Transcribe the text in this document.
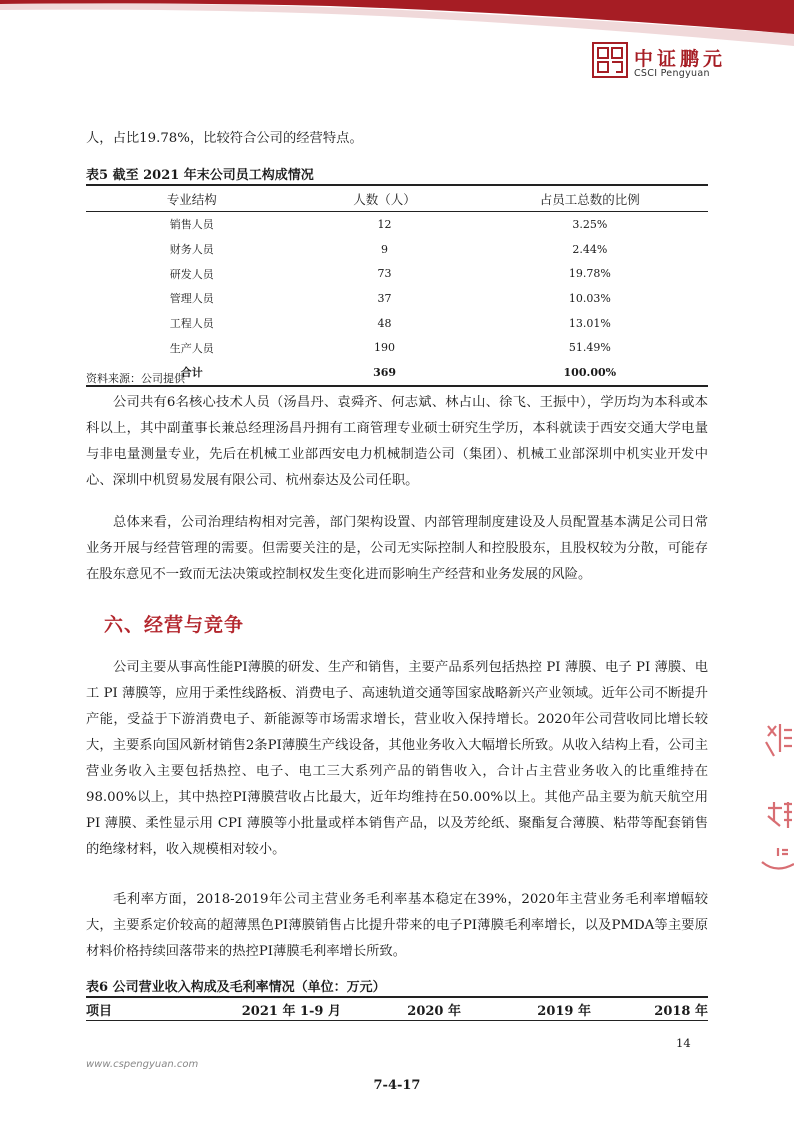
中证鹏元
CSCI Pengyuan
人，占比19.78%，比较符合公司的经营特点。
表5 截至 2021 年末公司员工构成情况
专业结构	人数（人）	占员工总数的比例
销售人员	12	3.25%
财务人员	9	2.44%
研发人员	73	19.78%
管理人员	37	10.03%
工程人员	48	13.01%
生产人员	190	51.49%
合计	369	100.00%
资料来源：公司提供
公司共有6名核心技术人员（汤昌丹、袁舜齐、何志斌、林占山、徐飞、王振中），学历均为本科或本科以上，其中副董事长兼总经理汤昌丹拥有工商管理专业硕士研究生学历，本科就读于西安交通大学电量与非电量测量专业，先后在机械工业部西安电力机械制造公司（集团）、机械工业部深圳中机实业开发中心、深圳中机贸易发展有限公司、杭州泰达及公司任职。
总体来看，公司治理结构相对完善，部门架构设置、内部管理制度建设及人员配置基本满足公司日常业务开展与经营管理的需要。但需要关注的是，公司无实际控制人和控股股东，且股权较为分散，可能存在股东意见不一致而无法决策或控制权发生变化进而影响生产经营和业务发展的风险。
六、经营与竞争
公司主要从事高性能PI薄膜的研发、生产和销售，主要产品系列包括热控 PI 薄膜、电子 PI 薄膜、电工 PI 薄膜等，应用于柔性线路板、消费电子、高速轨道交通等国家战略新兴产业领域。近年公司不断提升产能，受益于下游消费电子、新能源等市场需求增长，营业收入保持增长。2020年公司营收同比增长较大，主要系向国风新材销售2条PI薄膜生产线设备，其他业务收入大幅增长所致。从收入结构上看，公司主营业务收入主要包括热控、电子、电工三大系列产品的销售收入，合计占主营业务收入的比重维持在98.00%以上，其中热控PI薄膜营收占比最大，近年均维持在50.00%以上。其他产品主要为航天航空用 PI 薄膜、柔性显示用 CPI 薄膜等小批量或样本销售产品，以及芳纶纸、聚酯复合薄膜、粘带等配套销售的绝缘材料，收入规模相对较小。
毛利率方面，2018-2019年公司主营业务毛利率基本稳定在39%，2020年主营业务毛利率增幅较大，主要系定价较高的超薄黑色PI薄膜销售占比提升带来的电子PI薄膜毛利率增长，以及PMDA等主要原材料价格持续回落带来的热控PI薄膜毛利率增长所致。
表6 公司营业收入构成及毛利率情况（单位：万元）
项目	2021 年 1-9 月	2020 年	2019 年	2018 年
14
www.cspengyuan.com
7-4-17
